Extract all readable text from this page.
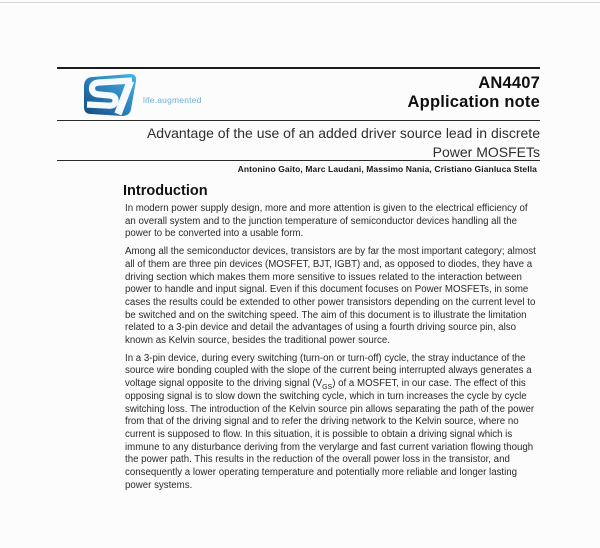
life.augmented
AN4407
Application note
Advantage of the use of an added driver source lead in discrete
Power MOSFETs
Antonino Gaito, Marc Laudani, Massimo Nania, Cristiano Gianluca Stella
Introduction

In modern power supply design, more and more attention is given to the electrical efficiency of an overall system and to the junction temperature of semiconductor devices handling all the power to be converted into a usable form.

Among all the semiconductor devices, transistors are by far the most important category; almost all of them are three pin devices (MOSFET, BJT, IGBT) and, as opposed to diodes, they have a driving section which makes them more sensitive to issues related to the interaction between power to handle and input signal. Even if this document focuses on Power MOSFETs, in some cases the results could be extended to other power transistors depending on the current level to be switched and on the switching speed. The aim of this document is to illustrate the limitation related to a 3-pin device and detail the advantages of using a fourth driving source pin, also known as Kelvin source, besides the traditional power source.

In a 3-pin device, during every switching (turn-on or turn-off) cycle, the stray inductance of the source wire bonding coupled with the slope of the current being interrupted always generates a voltage signal opposite to the driving signal $(V_{GS})$ of a MOSFET, in our case. The effect of this opposing signal is to slow down the switching cycle, which in turn increases the cycle by cycle switching loss. The introduction of the Kelvin source pin allows separating the path of the power from that of the driving signal and to refer the driving network to the Kelvin source, where no current is supposed to flow. In this situation, it is possible to obtain a driving signal which is immune to any disturbance deriving from the verylarge and fast current variation flowing though the power path. This results in the reduction of the overall power loss in the transistor, and consequently a lower operating temperature and potentially more reliable and longer lasting power systems.
